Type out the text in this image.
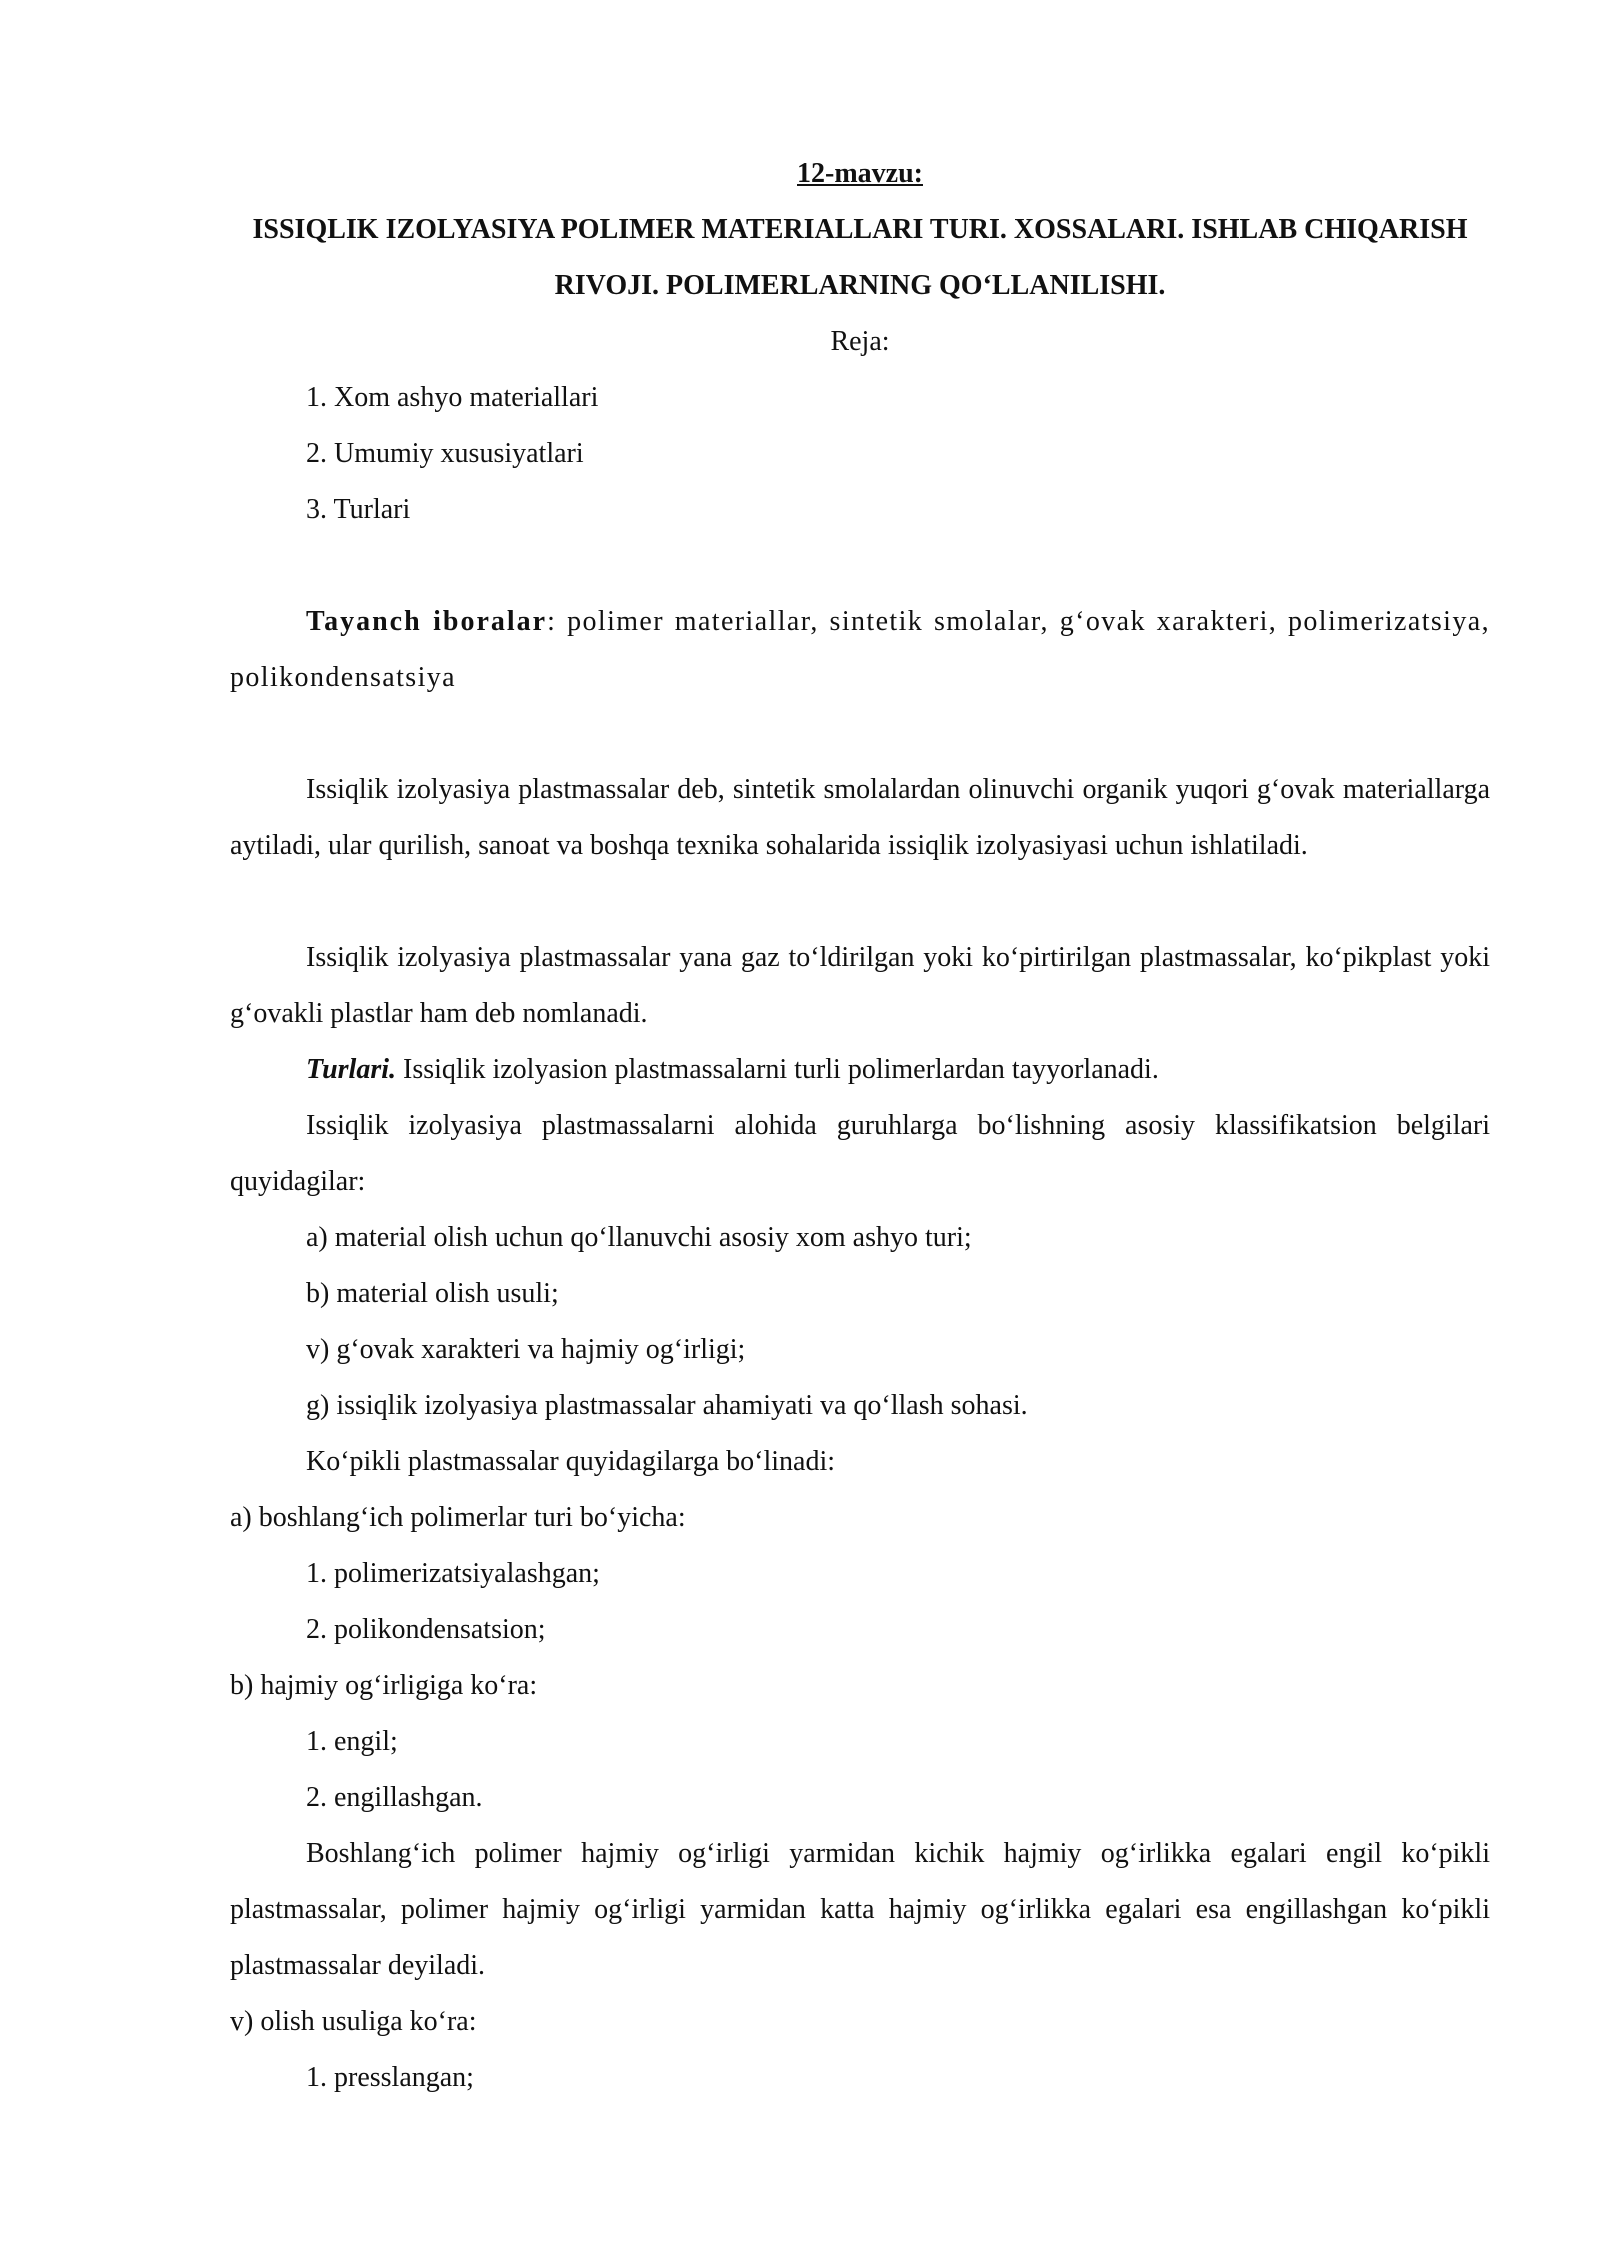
12-mavzu:
ISSIQLIK IZOLYASIYA POLIMER MATERIALLARI TURI. XOSSALARI. ISHLAB CHIQARISH RIVOJI. POLIMERLARNING QO‘LLANILISHI.
Reja:
1. Xom ashyo materiallari
2. Umumiy xususiyatlari
3. Turlari
Tayanch iboralar: polimer materiallar, sintetik smolalar, g‘ovak xarakteri, polimerizatsiya, polikondensatsiya
Issiqlik izolyasiya plastmassalar deb, sintetik smolalardan olinuvchi organik yuqori g‘ovak materiallarga aytiladi, ular qurilish, sanoat va boshqa texnika sohalarida issiqlik izolyasiyasi uchun ishlatiladi.
Issiqlik izolyasiya plastmassalar yana gaz to‘ldirilgan yoki ko‘pirtirilgan plastmassalar, ko‘pikplast yoki g‘ovakli plastlar ham deb nomlanadi.
Turlari. Issiqlik izolyasion plastmassalarni turli polimerlardan tayyorlanadi.
Issiqlik izolyasiya plastmassalarni alohida guruhlarga bo‘lishning asosiy klassifikatsion belgilari quyidagilar:
a) material olish uchun qo‘llanuvchi asosiy xom ashyo turi;
b) material olish usuli;
v) g‘ovak xarakteri va hajmiy og‘irligi;
g) issiqlik izolyasiya plastmassalar ahamiyati va qo‘llash sohasi.
Ko‘pikli plastmassalar quyidagilarga bo‘linadi:
a) boshlang‘ich polimerlar turi bo‘yicha:
1. polimerizatsiyalashgan;
2. polikondensatsion;
b) hajmiy og‘irligiga ko‘ra:
1. engil;
2. engillashgan.
Boshlang‘ich polimer hajmiy og‘irligi yarmidan kichik hajmiy og‘irlikka egalari engil ko‘pikli plastmassalar, polimer hajmiy og‘irligi yarmidan katta hajmiy og‘irlikka egalari esa engillashgan ko‘pikli plastmassalar deyiladi.
v) olish usuliga ko‘ra:
1. presslangan;
